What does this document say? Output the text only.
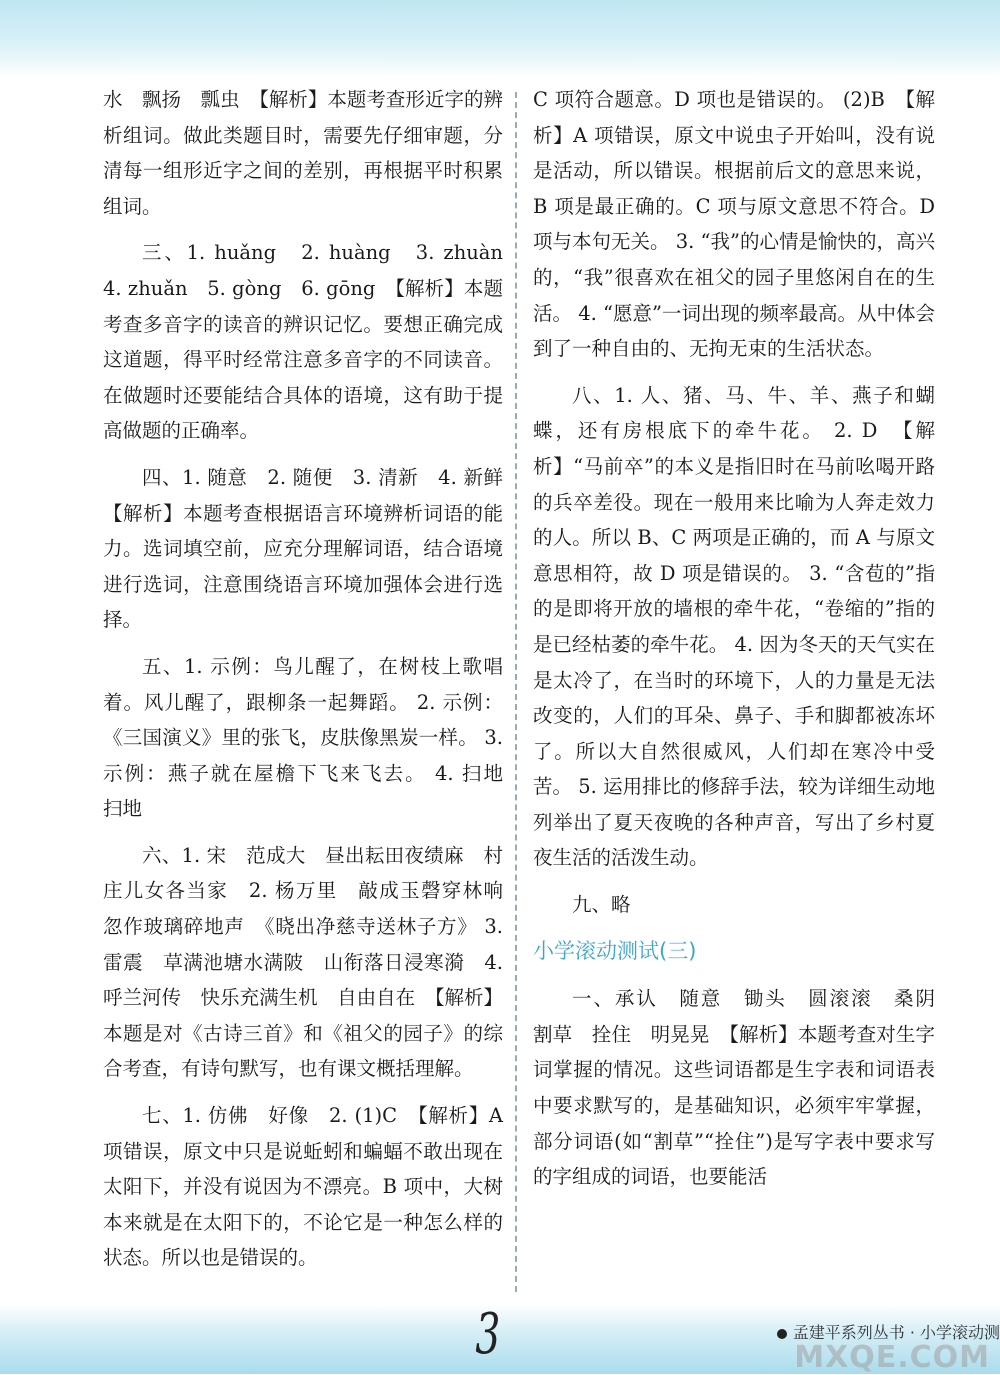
水　飘扬　瓢虫　【解析】本题考查形近字的辨析组词。做此类题目时，需要先仔细审题，分清每一组形近字之间的差别，再根据平时积累组词。

三、1. huǎng　2. huàng　3. zhuàn　4. zhuǎn　5. gòng　6. gōng　【解析】本题考查多音字的读音的辨识记忆。要想正确完成这道题，得平时经常注意多音字的不同读音。在做题时还要能结合具体的语境，这有助于提高做题的正确率。

四、1. 随意　2. 随便　3. 清新　4. 新鲜　【解析】本题考查根据语言环境辨析词语的能力。选词填空前，应充分理解词语，结合语境进行选词，注意围绕语言环境加强体会进行选择。

五、1. 示例：鸟儿醒了，在树枝上歌唱着。风儿醒了，跟柳条一起舞蹈。 2. 示例：《三国演义》里的张飞，皮肤像黑炭一样。 3. 示例：燕子就在屋檐下飞来飞去。 4. 扫地　扫地

六、1. 宋　范成大　昼出耘田夜绩麻　村庄儿女各当家　2. 杨万里　敲成玉磬穿林响　忽作玻璃碎地声　《晓出净慈寺送林子方》 3. 雷震　草满池塘水满陂　山衔落日浸寒漪　4. 呼兰河传　快乐充满生机　自由自在　【解析】本题是对《古诗三首》和《祖父的园子》的综合考查，有诗句默写，也有课文概括理解。

七、1. 仿佛　好像　2. (1)C　【解析】A 项错误，原文中只是说蚯蚓和蝙蝠不敢出现在太阳下，并没有说因为不漂亮。B 项中，大树本来就是在太阳下的，不论它是一种怎么样的状态。所以也是错误的。

C 项符合题意。D 项也是错误的。 (2)B　【解析】A 项错误，原文中说虫子开始叫，没有说是活动，所以错误。根据前后文的意思来说，B 项是最正确的。C 项与原文意思不符合。D 项与本句无关。 3. “我”的心情是愉快的，高兴的，“我”很喜欢在祖父的园子里悠闲自在的生活。 4. “愿意”一词出现的频率最高。从中体会到了一种自由的、无拘无束的生活状态。

八、1. 人、猪、马、牛、羊、燕子和蝴蝶，还有房根底下的牵牛花。 2. D　【解析】“马前卒”的本义是指旧时在马前吆喝开路的兵卒差役。现在一般用来比喻为人奔走效力的人。所以 B、C 两项是正确的，而 A 与原文意思相符，故 D 项是错误的。 3. “含苞的”指的是即将开放的墙根的牵牛花，“卷缩的”指的是已经枯萎的牵牛花。 4. 因为冬天的天气实在是太冷了，在当时的环境下，人的力量是无法改变的，人们的耳朵、鼻子、手和脚都被冻坏了。所以大自然很威风，人们却在寒冷中受苦。 5. 运用排比的修辞手法，较为详细生动地列举出了夏天夜晚的各种声音，写出了乡村夏夜生活的活泼生动。

九、略

小学滚动测试(三)

一、承认　随意　锄头　圆滚滚　桑阴　割草　拴住　明晃晃　【解析】本题考查对生字词掌握的情况。这些词语都是生字表和词语表中要求默写的，是基础知识，必须牢牢掌握，部分词语(如“割草”“拴住”)是写字表中要求写的字组成的词语，也要能活

3	孟建平系列丛书 · 小学滚动测
MXQE.COM
